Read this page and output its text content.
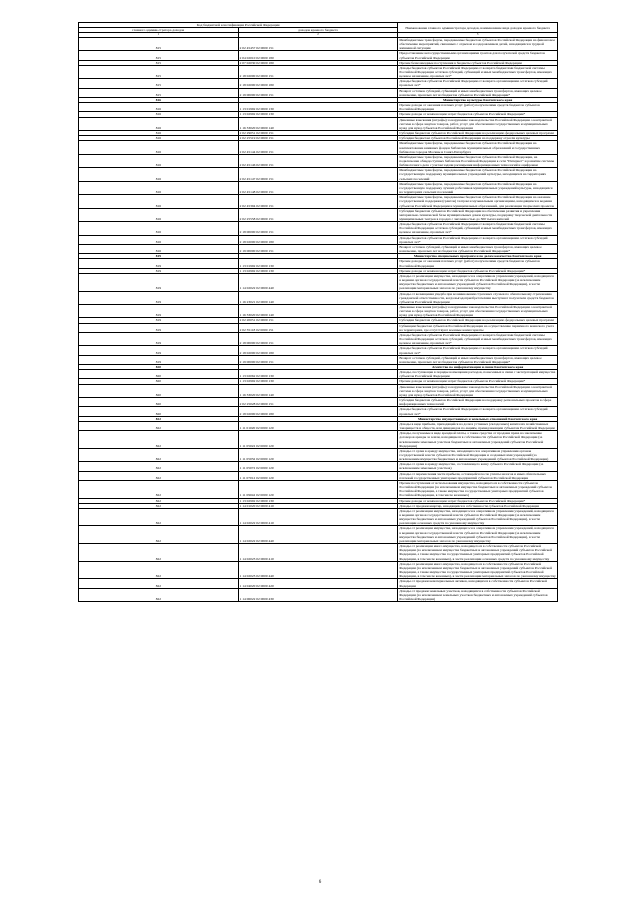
Код бюджетной классификации Российской Федерации		Наименование главного администратора доходов, наименование вида доходов краевого бюджета
главного админи-стратора доходов	доходов краевого бюджета	
1	2	3
815	2 02 45457 02 0000 151	Межбюджетные трансферты, передаваемые бюджетам субъектов Российской Федерации на финансовое обеспечение мероприятий, связанных с отдыхом и оздоровлением детей, находящихся в трудной жизненной ситуации
815	2 04 02010 02 0000 180	Предоставление негосударственными организациями грантов для получателей средств бюджетов субъектов Российской Федерации
815	2 07 02030 02 0000 180	Прочие безвозмездные поступления в бюджеты субъектов Российской Федерации
815	2 18 02000 02 0000 151	Доходы бюджетов субъектов Российской Федерации от возврата бюджетами бюджетной системы Российской Федерации остатков субсидий, субвенций и иных межбюджетных трансфертов, имеющих целевое назначение, прошлых лет*
815	2 18 02000 02 0000 180	Доходы бюджетов субъектов Российской Федерации от возврата организациями остатков субсидий прошлых лет*
815	2 19 00000 02 0000 151	Возврат остатков субсидий, субвенций и иных межбюджетных трансфертов, имеющих целевое назначение, прошлых лет из бюджетов субъектов Российской Федерации*
816		Министерство культуры Камчатского края
816	1 13 01992 02 0000 130	Прочие доходы от оказания платных услуг (работ) получателями средств бюджетов субъектов Российской Федерации
816	1 13 02992 02 0000 130	Прочие доходы от компенсации затрат бюджетов субъектов Российской Федерации*
816	1 16 33020 02 0000 140	Денежные взыскания (штрафы) за нарушение законодательства Российской Федерации о контрактной системе в сфере закупок товаров, работ, услуг для обеспечения государственных и муниципальных нужд для нужд субъектов Российской Федерации
816	2 02 29051 02 0000 151	Субсидии бюджетам субъектов Российской Федерации на реализацию федеральных целевых программ
816	2 02 25519 02 0000 151	Субсидия бюджетам субъектов Российской Федерации на поддержку отрасли культуры
816	2 02 45144 02 0000 151	Межбюджетные трансферты, передаваемые бюджетам субъектов Российской Федерации на комплектование книжных фондов библиотек муниципальных образований и государственных библиотек городов Москвы и Санкт-Петербурга
816	2 02 45146 02 0000 151	Межбюджетные трансферты, передаваемые бюджетам субъектов Российской Федерации, на подключение общедоступных библиотек Российской Федерации к сети "Интернет" и развитие системы библиотечного дела с учетом задачи расширения информационных технологий и оцифровки
816	2 02 45147 02 0000 151	Межбюджетные трансферты, передаваемые бюджетам субъектов Российской Федерации на государственную поддержку муниципальных учреждений культуры, находящихся на территориях сельских поселений
816	2 02 45148 02 0000 151	Межбюджетные трансферты, передаваемые бюджетам субъектов Российской Федерации на государственную поддержку лучших работников муниципальных учреждений культуры, находящихся на территориях сельских поселений
816	2 02 45394 02 0000 151	Межбюджетные трансферты, передаваемые бюджетам субъектов Российской Федерации на оказание государственной поддержки (грантов) театрам и музыкальным организациям, находящимся в ведении субъектов Российской Федерации и муниципальных образований, для реализации творческих проектов
816	2 02 25558 02 0000 151	Субсидии бюджетам субъектов Российской Федерации на обеспечение развития и укрепления материально-технической базы муниципальных домов культуры, поддержку творческой деятельности муниципальных театров в городах с численностью до 300 тысяч жителей
816	2 18 00000 02 0000 151	Доходы бюджетов субъектов Российской Федерации от возврата бюджетами бюджетной системы Российской Федерации остатков субсидий, субвенций и иных межбюджетных трансфертов, имеющих целевое назначение, прошлых лет*
816	2 18 02000 02 0000 180	Доходы бюджетов субъектов Российской Федерации от возврата организациями остатков субсидий прошлых лет*
816	2 19 00000 02 0000 151	Возврат остатков субсидий, субвенций и иных межбюджетных трансфертов, имеющих целевое назначение, прошлых лет из бюджетов субъектов Российской Федерации*
819		Министерство специальных программ и по делам казачества Камчатского края
819	1 13 01992 02 0000 130	Прочие доходы от оказания платных услуг (работ) получателями средств бюджетов субъектов Российской Федерации
819	1 13 02992 02 0000 130	Прочие доходы от компенсации затрат бюджетов субъектов Российской Федерации*
819	1 14 02022 02 0000 440	Доходы от реализации имущества, находящегося в оперативном управлении учреждений, находящихся в ведении органов государственной власти субъектов Российской Федерации (за исключением имущества бюджетных и автономных учреждений субъектов Российской Федерации), в части реализации материальных запасов по указанному имуществу
819	1 16 23021 02 0000 140	Доходы от возмещения ущерба при возникновении страховых случаев по обязательному страхованию гражданской ответственности, когда выгодоприобретателями выступают получатели средств бюджетов субъектов Российской Федерации
819	1 16 33020 02 0000 140	Денежные взыскания (штрафы) за нарушение законодательства Российской Федерации о контрактной системе в сфере закупок товаров, работ, услуг для обеспечения государственных и муниципальных нужд для нужд субъектов Российской Федерации
819	2 02 20051 02 0000 151	Субсидии бюджетам субъектов Российской Федерации на реализацию федеральных целевых программ
819	2 02 35118 02 0000 151	Субвенции бюджетам субъектов Российской Федерации на осуществление первичного воинского учета на территориях, где отсутствуют военные комиссариаты
819	2 18 00000 02 0000 151	Доходы бюджетов субъектов Российской Федерации от возврата бюджетами бюджетной системы Российской Федерации остатков субсидий, субвенций и иных межбюджетных трансфертов, имеющих целевое назначение, прошлых лет*
819	2 18 02000 02 0000 180	Доходы бюджетов субъектов Российской Федерации от возврата организациями остатков субсидий прошлых лет*
819	2 19 00000 02 0000 151	Возврат остатков субсидий, субвенций и иных межбюджетных трансфертов, имеющих целевое назначение, прошлых лет из бюджетов субъектов Российской Федерации*
820		Агентство по информатизации и связи Камчатского края
820	1 13 02062 02 0000 130	Доходы, поступающие в порядке возмещения расходов, понесенных в связи с эксплуатацией имущества субъектов Российской Федерации
820	1 13 02992 02 0000 130	Прочие доходы от компенсации затрат бюджетов субъектов Российской Федерации*
820	1 16 33020 02 0000 140	Денежные взыскания (штрафы) за нарушение законодательства Российской Федерации о контрактной системе в сфере закупок товаров, работ, услуг для обеспечения государственных и муниципальных нужд для нужд субъектов Российской Федерации
820	2 02 25028 02 0000 151	Субсидии бюджетам субъектов Российской Федерации на поддержку региональных проектов в сфере информационных технологий
820	2 18 02000 02 0000 180	Доходы бюджетов субъектов Российской Федерации от возврата организациями остатков субсидий прошлых лет*
822		Министерство имущественных и земельных отношений Камчатского края
822	1 11 01020 02 0000 120	Доходы в виде прибыли, приходящейся на доли в уставных (складочных) капиталах хозяйственных товариществ и обществ, или дивидендов по акциям, принадлежащим субъектам Российской Федерации
822	1 11 05022 02 0000 120	Доходы, получаемые в виде арендной платы, а также средства от продажи права на заключение договоров аренды за земли, находящиеся в собственности субъектов Российской Федерации (за исключением земельных участков бюджетных и автономных учреждений субъектов Российской Федерации)
822	1 11 05032 02 0000 120	Доходы от сдачи в аренду имущества, находящегося в оперативном управлении органов государственной власти субъектов Российской Федерации и созданных ими учреждений (за исключением имущества бюджетных и автономных учреждений субъектов Российской Федерации)
822	1 11 05072 02 0000 120	Доходы от сдачи в аренду имущества, составляющего казну субъекта Российской Федерации (за исключением земельных участков)
822	1 11 07012 02 0000 120	Доходы от перечисления части прибыли, остающейся после уплаты налогов и иных обязательных платежей государственных унитарных предприятий субъектов Российской Федерации
822	1 11 09042 02 0000 120	Прочие поступления от использования имущества, находящегося в собственности субъектов Российской Федерации (за исключением имущества бюджетных и автономных учреждений субъектов Российской Федерации, а также имущества государственных унитарных предприятий субъектов Российской Федерации, в том числе казенных)
822	1 13 02992 02 0000 130	Прочие доходы от компенсации затрат бюджетов субъектов Российской Федерации*
822	1 14 01020 02 0000 410	Доходы от продажи квартир, находящихся в собственности субъектов Российской Федерации
822	1 14 02022 02 0000 410	Доходы от реализации имущества, находящегося в оперативном управлении учреждений, находящихся в ведении органов государственной власти субъектов Российской Федерации (за исключением имущества бюджетных и автономных учреждений субъектов Российской Федерации), в части реализации основных средств по указанному имуществу
822	1 14 02022 02 0000 440	Доходы от реализации имущества, находящегося в оперативном управлении учреждений, находящихся в ведении органов государственной власти субъектов Российской Федерации (за исключением имущества бюджетных и автономных учреждений субъектов Российской Федерации), в части реализации материальных запасов по указанному имуществу
822	1 14 02023 02 0000 410	Доходы от реализации иного имущества, находящегося в собственности субъектов Российской Федерации (за исключением имущества бюджетных и автономных учреждений субъектов Российской Федерации, а также имущества государственных унитарных предприятий субъектов Российской Федерации, в том числе казенных), в части реализации основных средств по указанному имуществу
822	1 14 02023 02 0000 440	Доходы от реализации иного имущества, находящегося в собственности субъектов Российской Федерации (за исключением имущества бюджетных и автономных учреждений субъектов Российской Федерации, а также имущества государственных унитарных предприятий субъектов Российской Федерации, в том числе казенных), в части реализации материальных запасов по указанному имуществу
822	1 14 04020 02 0000 420	Доходы от продажи нематериальных активов, находящихся в собственности субъектов Российской Федерации
822	1 14 06022 02 0000 430	Доходы от продажи земельных участков, находящихся в собственности субъектов Российской Федерации (за исключением земельных участков бюджетных и автономных учреждений субъектов Российской Федерации)
6
